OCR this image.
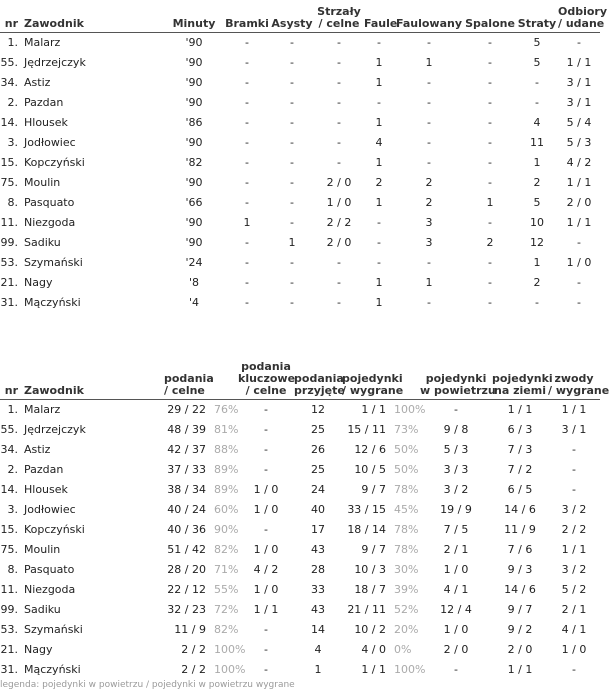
nr	Zawodnik	Minuty	Bramki	Asysty	Strzały
/ celne	Faule	Faulowany	Spalone	Straty	Odbiory
/ udane
1.	Malarz	'90	-	-	-	-	-	-	5	-
55.	Jędrzejczyk	'90	-	-	-	1	1	-	5	1 / 1
34.	Astiz	'90	-	-	-	1	-	-	-	3 / 1
2.	Pazdan	'90	-	-	-	-	-	-	-	3 / 1
14.	Hlousek	'86	-	-	-	1	-	-	4	5 / 4
3.	Jodłowiec	'90	-	-	-	4	-	-	11	5 / 3
15.	Kopczyński	'82	-	-	-	1	-	-	1	4 / 2
75.	Moulin	'90	-	-	2 / 0	2	2	-	2	1 / 1
8.	Pasquato	'66	-	-	1 / 0	1	2	1	5	2 / 0
11.	Niezgoda	'90	1	-	2 / 2	-	3	-	10	1 / 1
99.	Sadiku	'90	-	1	2 / 0	-	3	2	12	-
53.	Szymański	'24	-	-	-	-	-	-	1	1 / 0
21.	Nagy	'8	-	-	-	1	1	-	2	-
31.	Mączyński	'4	-	-	-	1	-	-	-	-
nr	Zawodnik	podania
/ celne		podania
kluczowe
/ celne	podania
przyjęte	pojedynki
/ wygrane		pojedynki
w powietrzu	pojedynki
na ziemi	zwody
/ wygrane
1.	Malarz	29 / 22	76%	-	12	1 / 1	100%	-	1 / 1	1 / 1
55.	Jędrzejczyk	48 / 39	81%	-	25	15 / 11	73%	9 / 8	6 / 3	3 / 1
34.	Astiz	42 / 37	88%	-	26	12 / 6	50%	5 / 3	7 / 3	-
2.	Pazdan	37 / 33	89%	-	25	10 / 5	50%	3 / 3	7 / 2	-
14.	Hlousek	38 / 34	89%	1 / 0	24	9 / 7	78%	3 / 2	6 / 5	-
3.	Jodłowiec	40 / 24	60%	1 / 0	40	33 / 15	45%	19 / 9	14 / 6	3 / 2
15.	Kopczyński	40 / 36	90%	-	17	18 / 14	78%	7 / 5	11 / 9	2 / 2
75.	Moulin	51 / 42	82%	1 / 0	43	9 / 7	78%	2 / 1	7 / 6	1 / 1
8.	Pasquato	28 / 20	71%	4 / 2	28	10 / 3	30%	1 / 0	9 / 3	3 / 2
11.	Niezgoda	22 / 12	55%	1 / 0	33	18 / 7	39%	4 / 1	14 / 6	5 / 2
99.	Sadiku	32 / 23	72%	1 / 1	43	21 / 11	52%	12 / 4	9 / 7	2 / 1
53.	Szymański	11 / 9	82%	-	14	10 / 2	20%	1 / 0	9 / 2	4 / 1
21.	Nagy	2 / 2	100%	-	4	4 / 0	0%	2 / 0	2 / 0	1 / 0
31.	Mączyński	2 / 2	100%	-	1	1 / 1	100%	-	1 / 1	-
legenda: pojedynki w powietrzu / pojedynki w powietrzu wygrane
